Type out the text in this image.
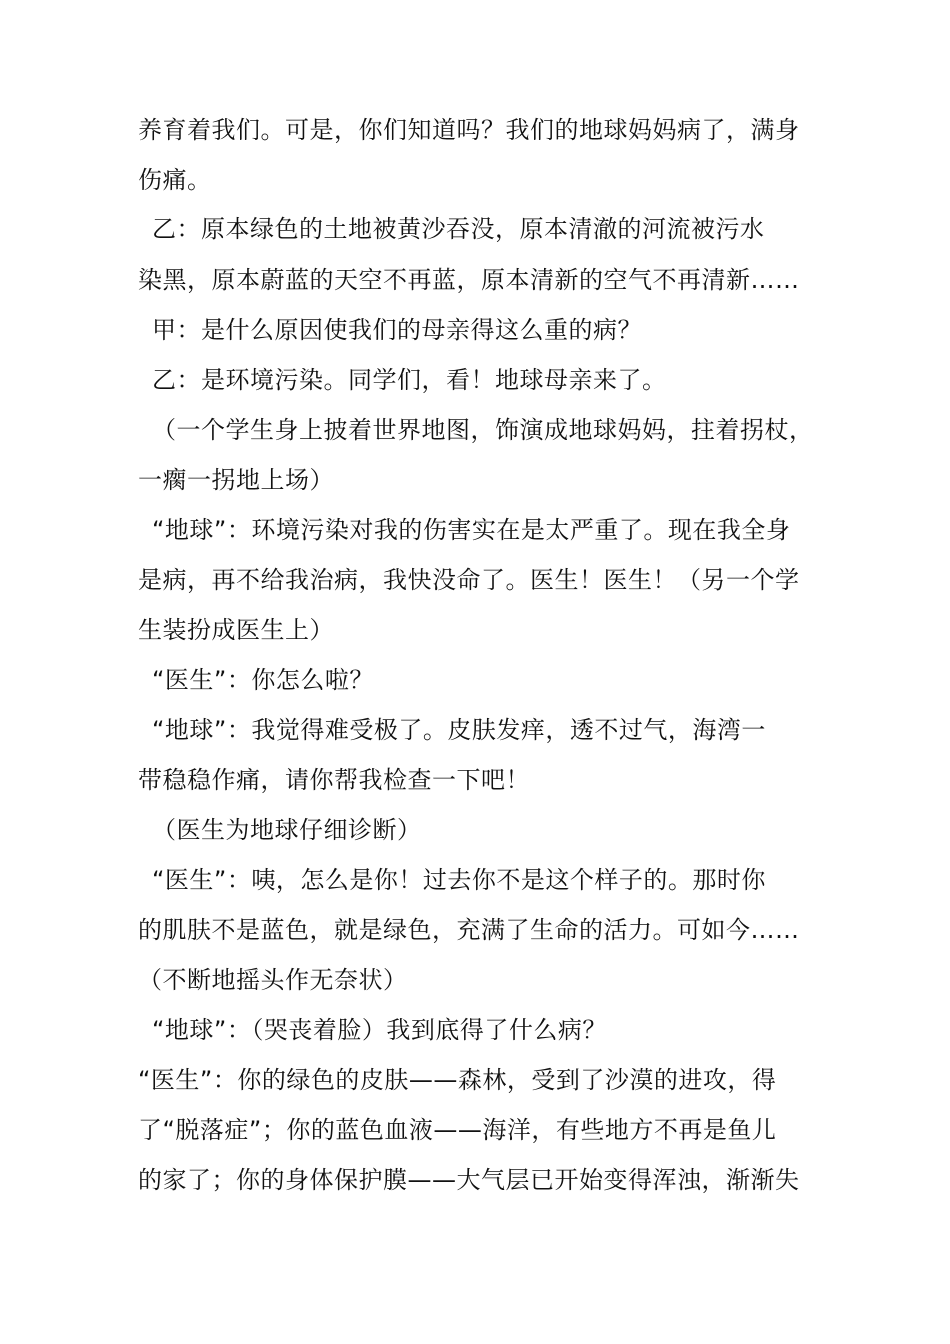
养育着我们。可是，你们知道吗？我们的地球妈妈病了，满身
伤痛。
乙：原本绿色的土地被黄沙吞没，原本清澈的河流被污水
染黑，原本蔚蓝的天空不再蓝，原本清新的空气不再清新……
甲：是什么原因使我们的母亲得这么重的病？
乙：是环境污染。同学们，看！地球母亲来了。
（一个学生身上披着世界地图，饰演成地球妈妈，拄着拐杖，
一瘸一拐地上场）
“地球”：环境污染对我的伤害实在是太严重了。现在我全身
是病，再不给我治病，我快没命了。医生！医生！（另一个学
生装扮成医生上）
“医生”：你怎么啦？
“地球”：我觉得难受极了。皮肤发痒，透不过气，海湾一
带稳稳作痛，请你帮我检查一下吧！
（医生为地球仔细诊断）
“医生”：咦，怎么是你！过去你不是这个样子的。那时你
的肌肤不是蓝色，就是绿色，充满了生命的活力。可如今……
（不断地摇头作无奈状）
“地球”：（哭丧着脸）我到底得了什么病？
“医生”：你的绿色的皮肤——森林，受到了沙漠的进攻，得
了“脱落症”；你的蓝色血液——海洋，有些地方不再是鱼儿
的家了；你的身体保护膜——大气层已开始变得浑浊，渐渐失
